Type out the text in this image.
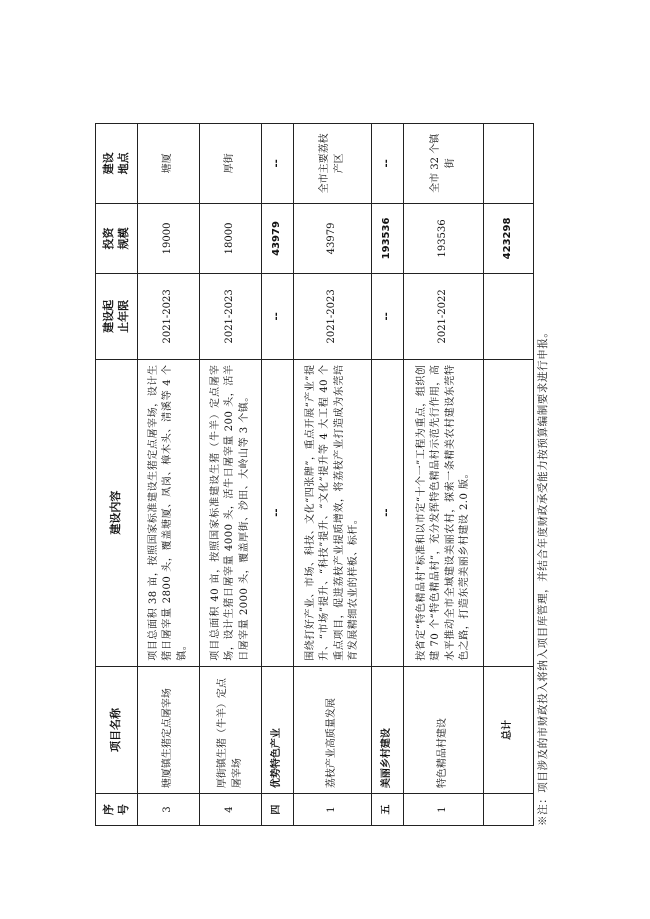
序号	项目名称	建设内容	建设起 止年限	投资 规模	建设 地点

3	塘厦镇生猪定点屠宰场	项目总面积 38 亩，按照国家标准建设生猪定点屠宰场，设计生猪日屠宰量 2800 头，覆盖塘厦、凤岗、樟木头、清溪等 4 个镇。	2021-2023	19000	塘厦
4	厚街镇生猪（牛羊）定点屠宰场	项目总面积 40 亩，按照国家标准建设生猪（牛羊）定点屠宰场，设计生猪日屠宰量 4000 头，活牛日屠宰量 200 头，活羊日屠宰量 2000 头，覆盖厚街、沙田、大岭山等 3 个镇。	2021-2023	18000	厚街
四	优势特色产业	--	--	43979	--
1	荔枝产业高质量发展	围绕打好产业、市场、科技、文化“四张牌”，重点开展“产业”提升、“市场”提升、“科技”提升、“文化”提升等 4 大工程 40 个重点项目，促进荔枝产业提质增效，将荔枝产业打造成为东莞培育发展精细农业的样板、标杆。	2021-2023	43979	全市主要荔枝产区
五	美丽乡村建设	--	--	193536	--
1	特色精品村建设	按省定“特色精品村”标准和以市定“十个一”工程为重点，组织创建 70 个“特色精品村”，充分发挥特色精品村示范先行作用，高水平推动全市全域建设美丽农村，探索一条精美农村建设东莞特色之路，打造东莞美丽乡村建设 2.0 版。	2021-2022	193536	全市 32 个镇街
	总计			423298	
※注：项目涉及的市财政投入将纳入项目库管理，并结合年度财政承受能力按预算编制要求进行申报。
